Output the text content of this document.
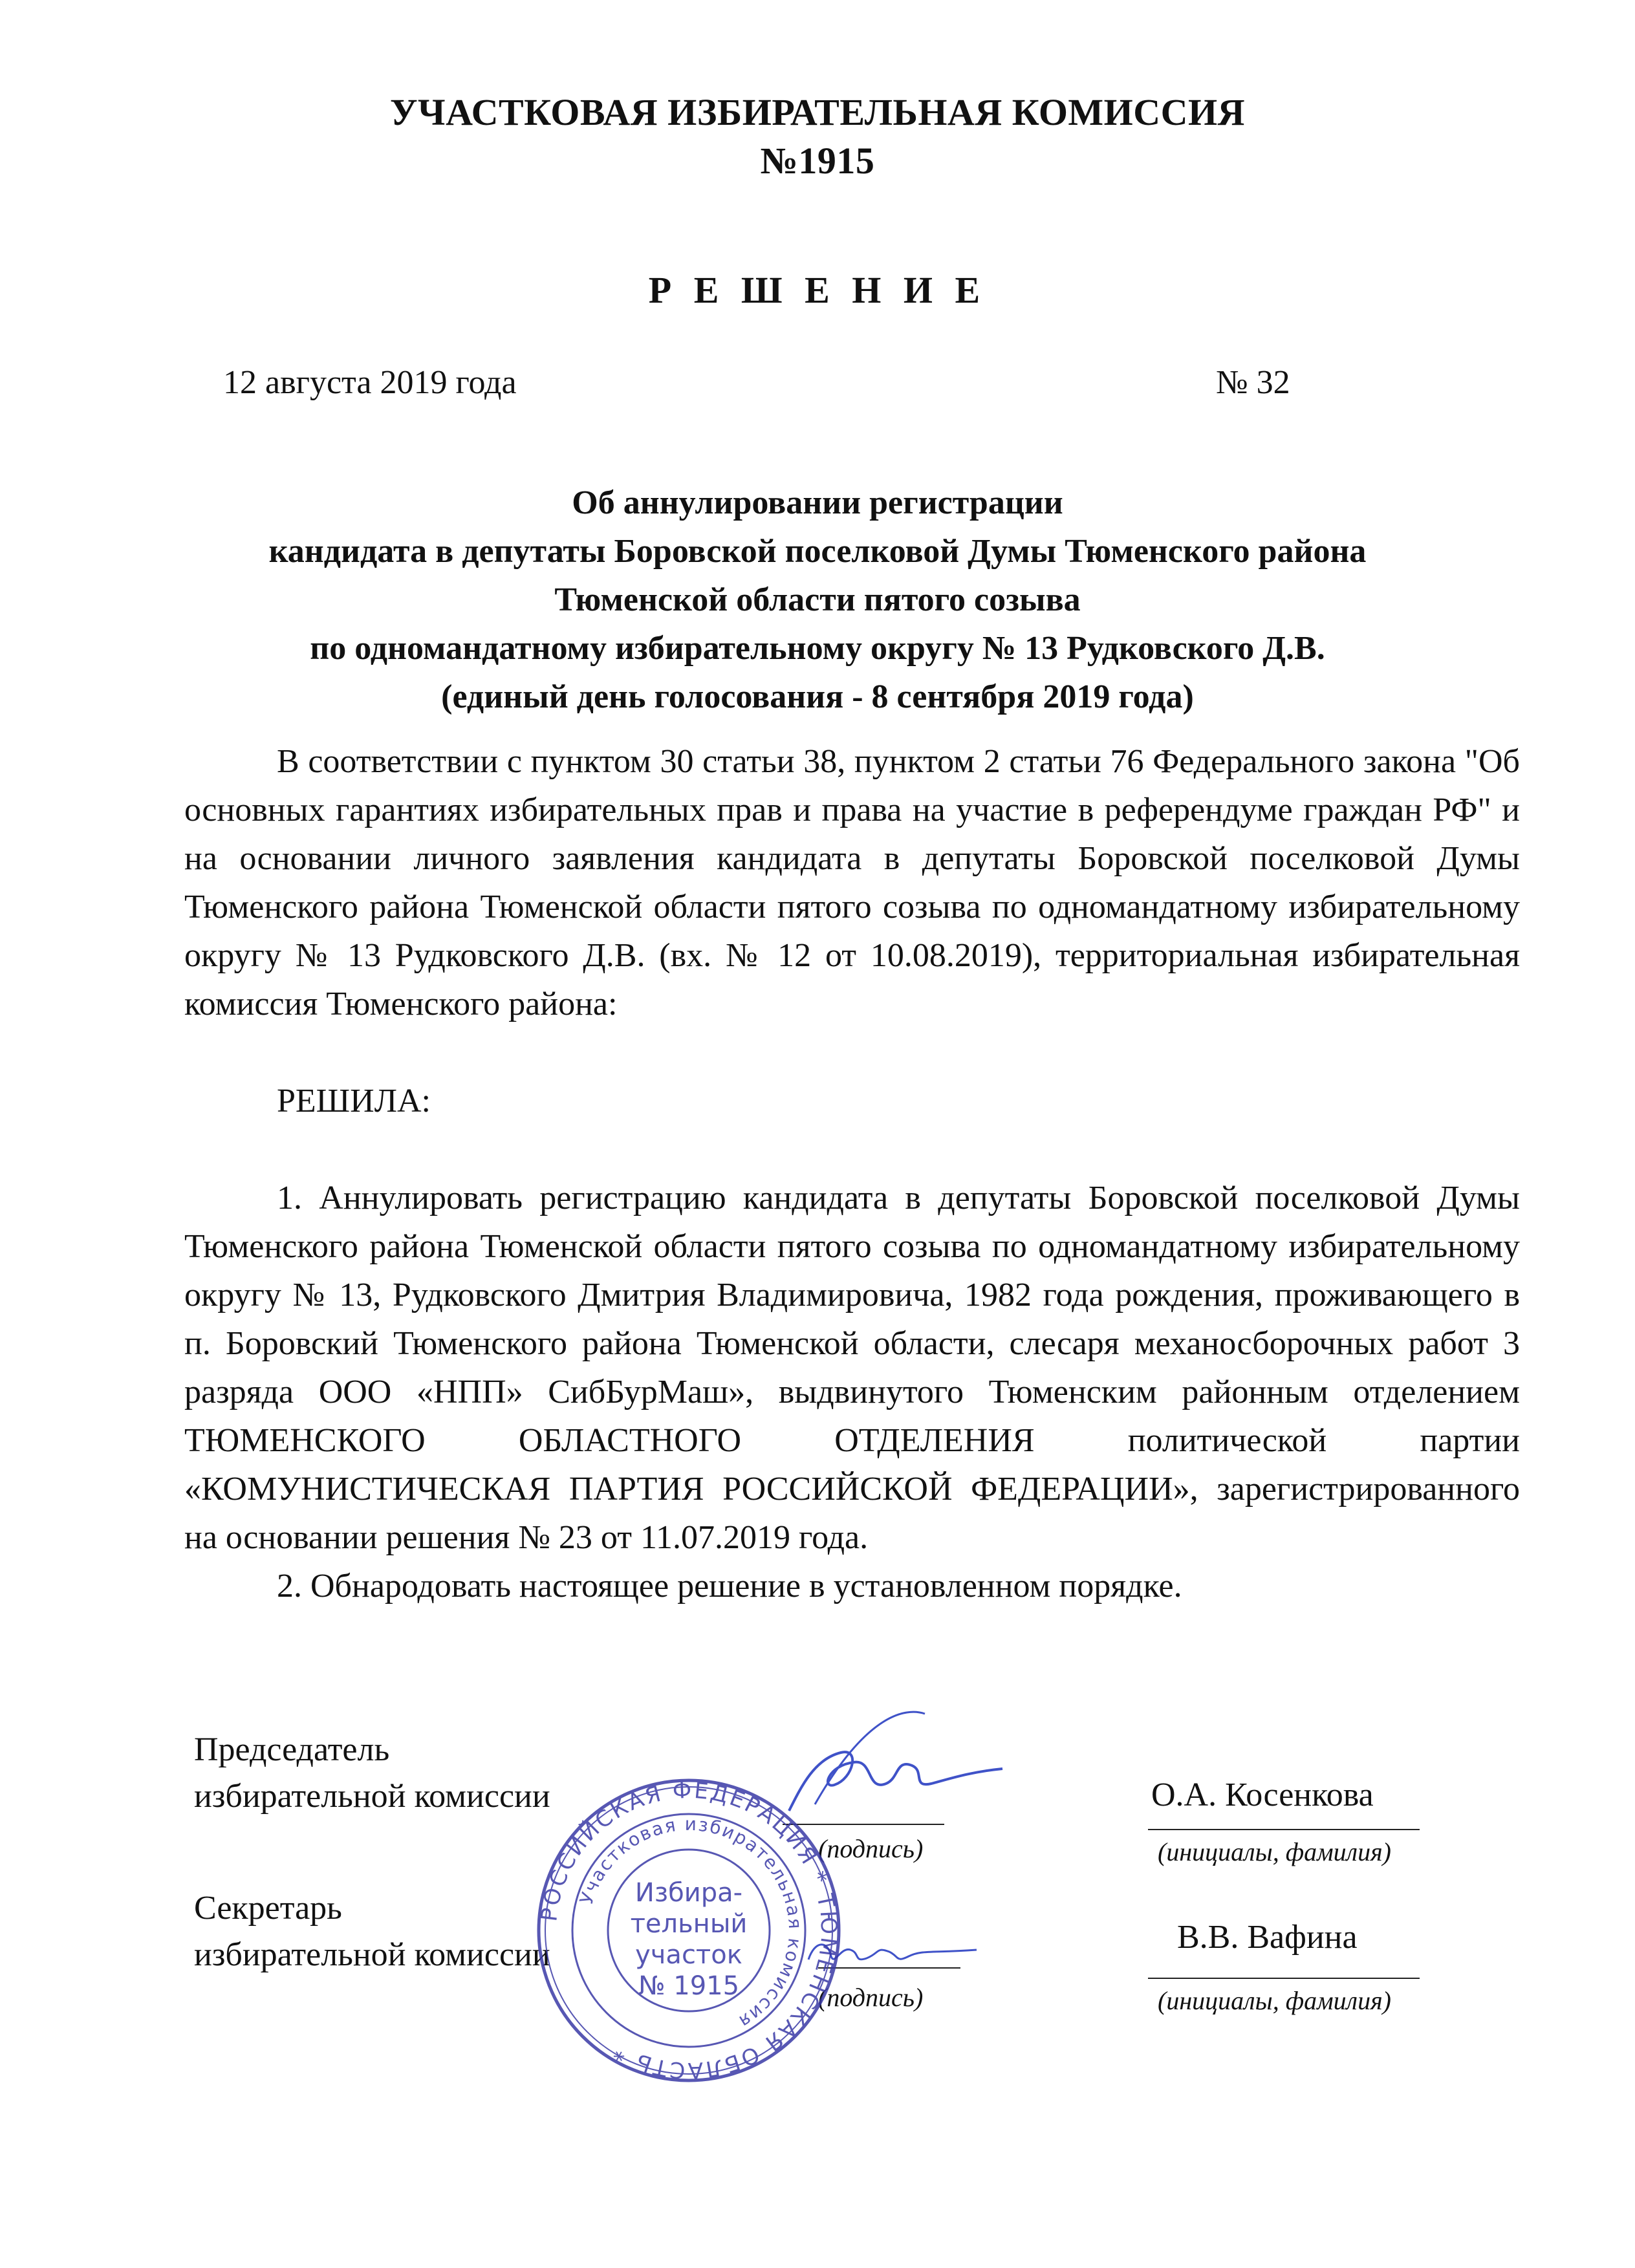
УЧАСТКОВАЯ ИЗБИРАТЕЛЬНАЯ КОМИССИЯ
№1915
Р Е Ш Е Н И Е
12 августа 2019 года	№ 32
Об аннулировании регистрации
кандидата в депутаты Боровской поселковой Думы Тюменского района
Тюменской области пятого созыва
по одномандатному избирательному округу № 13 Рудковского Д.В.
(единый день голосования - 8 сентября 2019 года)

В соответствии с пунктом 30 статьи 38, пунктом 2 статьи 76 Федерального закона "Об основных гарантиях избирательных прав и права на участие в референдуме граждан РФ" и на основании личного заявления кандидата в депутаты Боровской поселковой Думы Тюменского района Тюменской области пятого созыва по одномандатному избирательному округу № 13 Рудковского Д.В. (вх. № 12 от 10.08.2019), территориальная избирательная комиссия Тюменского района:

РЕШИЛА:

1. Аннулировать регистрацию кандидата в депутаты Боровской поселковой Думы Тюменского района Тюменской области пятого созыва по одномандатному избирательному округу № 13, Рудковского Дмитрия Владимировича, 1982 года рождения, проживающего в п. Боровский Тюменского района Тюменской области, слесаря механосборочных работ 3 разряда ООО «НПП» СибБурМаш», выдвинутого Тюменским районным отделением ТЮМЕНСКОГО ОБЛАСТНОГО ОТДЕЛЕНИЯ политической партии «КОМУНИСТИЧЕСКАЯ ПАРТИЯ РОССИЙСКОЙ ФЕДЕРАЦИИ», зарегистрированного на основании решения № 23 от 11.07.2019 года.

2. Обнародовать настоящее решение в установленном порядке.

Председатель
избирательной комиссии
(подпись)
О.А. Косенкова
(инициалы, фамилия)
Секретарь
избирательной комиссии
(подпись)
В.В. Вафина
(инициалы, фамилия)
РОССИЙСКАЯ ФЕДЕРАЦИЯ * ТЮМЕНСКАЯ ОБЛАСТЬ *
Участковая избирательная комиссия
Избира-
тельный
участок
№ 1915
